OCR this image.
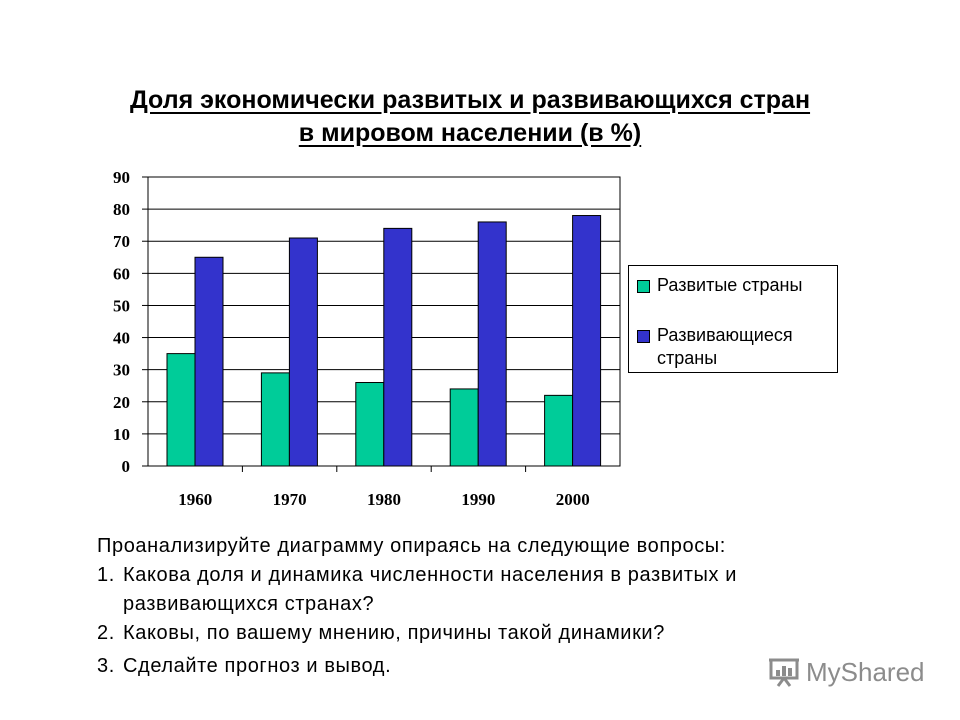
Доля экономически развитых и развивающихся стран
в мировом населении (в %)
0
10
20
30
40
50
60
70
80
90
1960	1970	1980	1990	2000
Развитые страны
Развивающиеся
страны

Проанализируйте диаграмму опираясь на следующие вопросы:

1. Какова доля и динамика численности населения в развитых и развивающихся странах?
2. Каковы, по вашему мнению, причины такой динамики?
3. Сделайте прогноз и вывод.	MyShared
